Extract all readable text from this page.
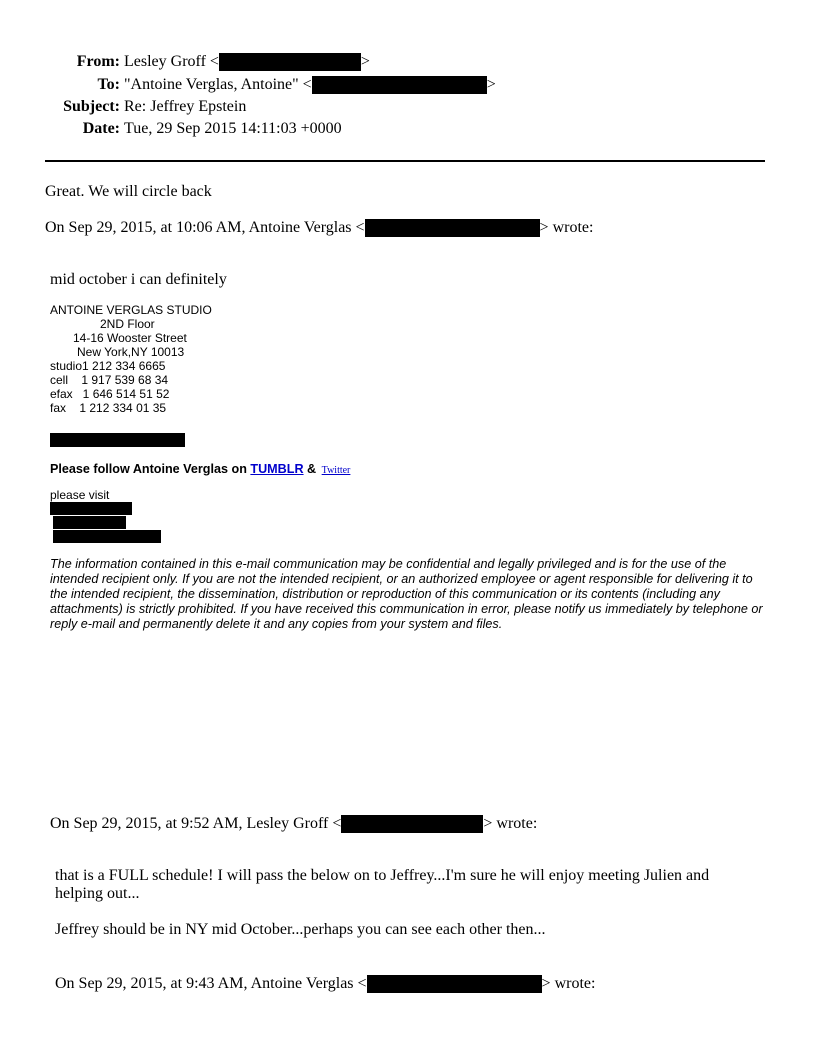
From: Lesley Groff <	>
To: "Antoine Verglas, Antoine" <	>
Subject: Re: Jeffrey Epstein
Date: Tue, 29 Sep 2015 14:11:03 +0000
Great. We will circle back
On Sep 29, 2015, at 10:06 AM, Antoine Verglas <	> wrote:
mid october i can definitely
ANTOINE VERGLAS STUDIO
2ND Floor
14-16 Wooster Street
New York,NY 10013
studio1 212 334 6665
cell    1 917 539 68 34
efax   1 646 514 51 52
fax    1 212 334 01 35
Please follow Antoine Verglas on TUMBLR & Twitter
please visit
The information contained in this e-mail communication may be confidential and legally privileged and is for the use of the intended recipient only. If you are not the intended recipient, or an authorized employee or agent responsible for delivering it to the intended recipient, the dissemination, distribution or reproduction of this communication or its contents (including any attachments) is strictly prohibited. If you have received this communication in error, please notify us immediately by telephone or reply e-mail and permanently delete it and any copies from your system and files.
On Sep 29, 2015, at 9:52 AM, Lesley Groff <	> wrote:
that is a FULL schedule! I will pass the below on to Jeffrey...I'm sure he will enjoy meeting Julien and
helping out...
Jeffrey should be in NY mid October...perhaps you can see each other then...
On Sep 29, 2015, at 9:43 AM, Antoine Verglas <	> wrote:
